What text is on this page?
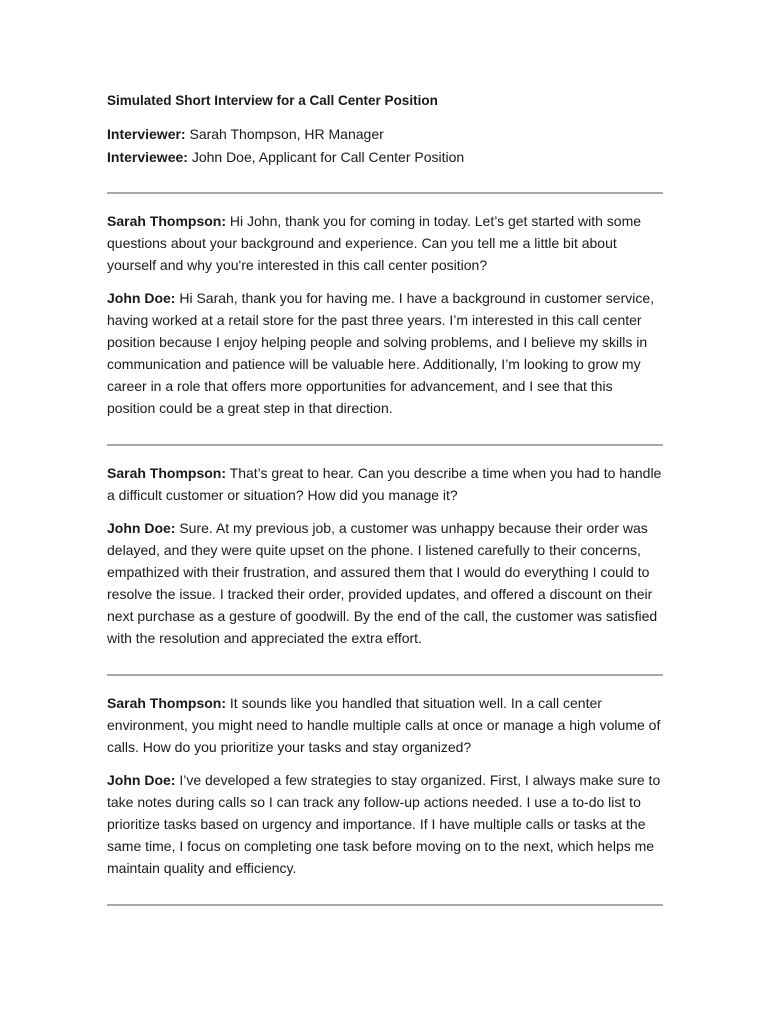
Simulated Short Interview for a Call Center Position

Interviewer: Sarah Thompson, HR Manager

Interviewee: John Doe, Applicant for Call Center Position

Sarah Thompson: Hi John, thank you for coming in today. Let’s get started with some questions about your background and experience. Can you tell me a little bit about yourself and why you're interested in this call center position?

John Doe: Hi Sarah, thank you for having me. I have a background in customer service, having worked at a retail store for the past three years. I’m interested in this call center position because I enjoy helping people and solving problems, and I believe my skills in communication and patience will be valuable here. Additionally, I’m looking to grow my career in a role that offers more opportunities for advancement, and I see that this position could be a great step in that direction.

Sarah Thompson: That’s great to hear. Can you describe a time when you had to handle a difficult customer or situation? How did you manage it?

John Doe: Sure. At my previous job, a customer was unhappy because their order was delayed, and they were quite upset on the phone. I listened carefully to their concerns, empathized with their frustration, and assured them that I would do everything I could to resolve the issue. I tracked their order, provided updates, and offered a discount on their next purchase as a gesture of goodwill. By the end of the call, the customer was satisfied with the resolution and appreciated the extra effort.

Sarah Thompson: It sounds like you handled that situation well. In a call center environment, you might need to handle multiple calls at once or manage a high volume of calls. How do you prioritize your tasks and stay organized?

John Doe: I’ve developed a few strategies to stay organized. First, I always make sure to take notes during calls so I can track any follow-up actions needed. I use a to-do list to prioritize tasks based on urgency and importance. If I have multiple calls or tasks at the same time, I focus on completing one task before moving on to the next, which helps me maintain quality and efficiency.
